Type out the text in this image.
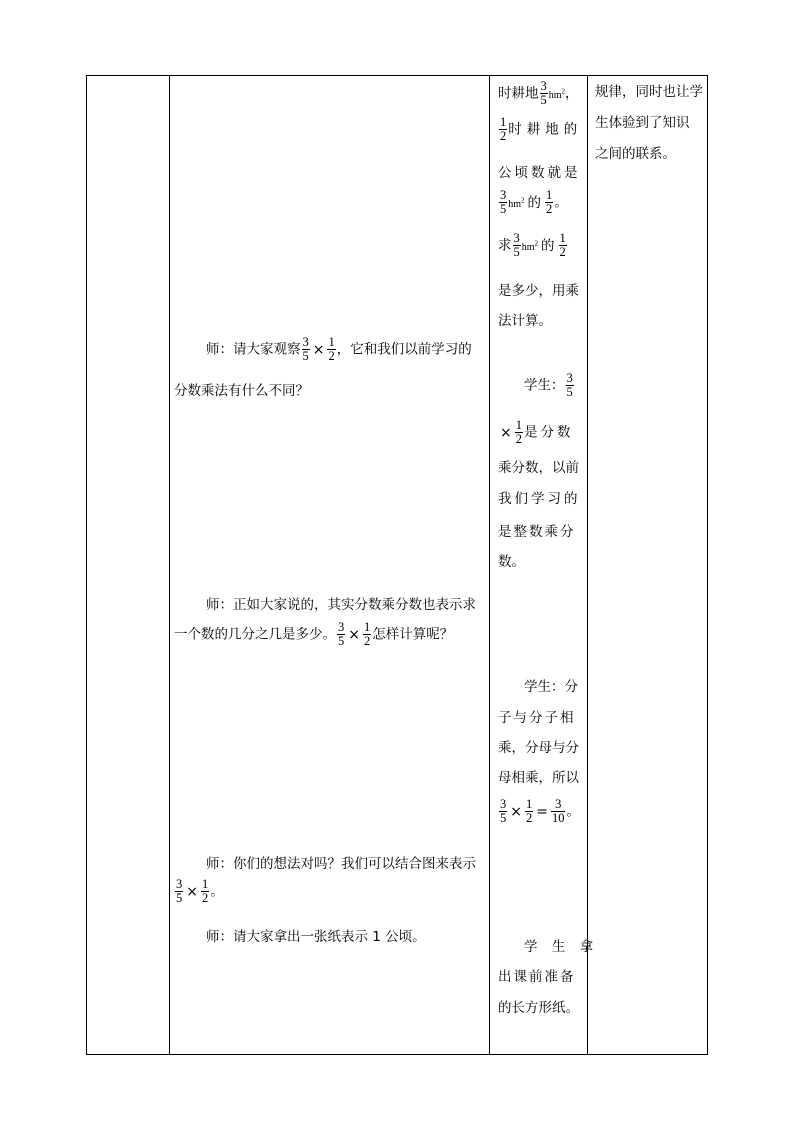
师：请大家观察 $\frac{3}{5} \times \frac{1}{2}$ ，它和我们以前学习的
分数乘法有什么不同？
师：正如大家说的，其实分数乘分数也表示求
一个数的几分之几是多少。 $\frac{3}{5} \times \frac{1}{2}$ 怎样计算呢？
师：你们的想法对吗？我们可以结合图来表示
$\frac{3}{5} \times \frac{1}{2}$ 。
师：请大家拿出一张纸表示 1 公顷。
时耕地 $\frac{3}{5} hm^2$，
$\frac{1}{2}$ 时耕地的
公顷数就是
$\frac{3}{5} hm^2$ 的 $\frac{1}{2}$ 。
求 $\frac{3}{5} hm^2$ 的 $\frac{1}{2}$
是多少，用乘
法计算。
学生： $\frac{3}{5}$
× $\frac{1}{2}$ 是分数
乘分数，以前
我们学习的
是整数乘分
数。
学生：分
子与分子相
乘，分母与分
母相乘，所以
$\frac{3}{5} \times \frac{1}{2} = \frac{3}{10}$ 。
学 生 拿
出课前准备
的长方形纸。
规律，同时也让学
生体验到了知识
之间的联系。
